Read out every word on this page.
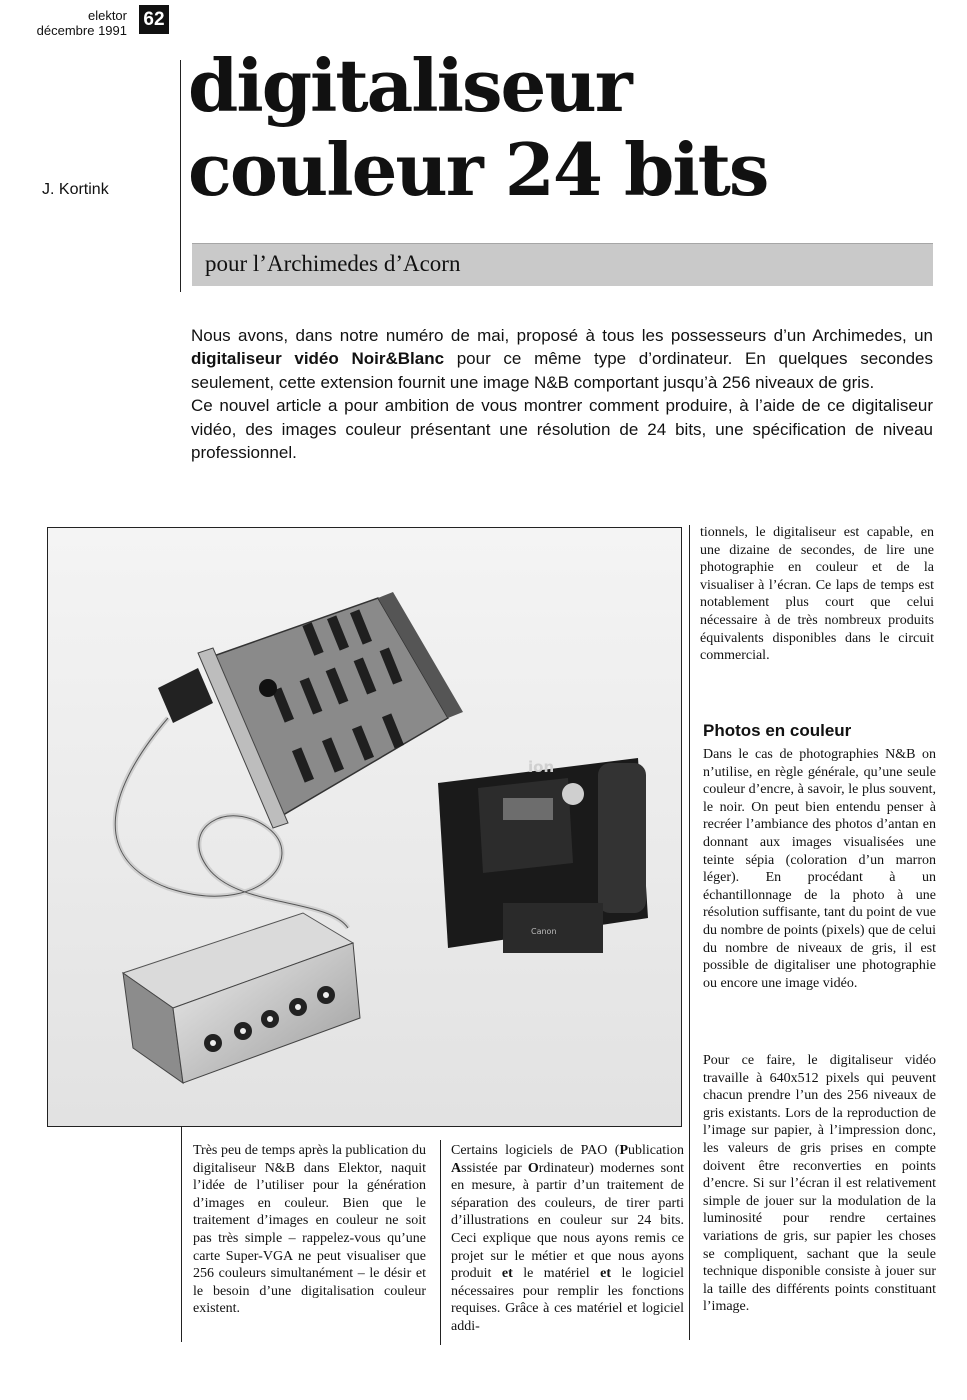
elektor
décembre 1991
62
J. Kortink
digitaliseur
couleur 24 bits
pour l’Archimedes d’Acorn

Nous avons, dans notre numéro de mai, proposé à tous les possesseurs d’un Archimedes, un digitaliseur vidéo Noir&Blanc pour ce même type d’ordinateur. En quelques secondes seulement, cette extension fournit une image N&B comportant jusqu’à 256 niveaux de gris.

Ce nouvel article a pour ambition de vous montrer comment produire, à l’aide de ce digitaliseur vidéo, des images couleur présentant une résolution de 24 bits, une spécification de niveau professionnel.

ion
Canon

Très peu de temps après la publication du digitaliseur N&B dans Elektor, naquit l’idée de l’utiliser pour la génération d’images en couleur. Bien que le traitement d’images en couleur ne soit pas très simple – rappelez-vous qu’une carte Super-VGA ne peut visualiser que 256 couleurs simultanément – le désir et le besoin d’une digitalisation couleur existent.

Certains logiciels de PAO (Publication Assistée par Ordinateur) modernes sont en mesure, à partir d’un traitement de séparation des couleurs, de tirer parti d’illustrations en couleur sur 24 bits. Ceci explique que nous ayons remis ce projet sur le métier et que nous ayons produit et le matériel et le logiciel nécessaires pour remplir les fonctions requises. Grâce à ces matériel et logiciel addi-

tionnels, le digitaliseur est capable, en une dizaine de secondes, de lire une photographie en couleur et de la visualiser à l’écran. Ce laps de temps est notablement plus court que celui nécessaire à de très nombreux produits équivalents disponibles dans le circuit commercial.

Photos en couleur

Dans le cas de photographies N&B on n’utilise, en règle générale, qu’une seule couleur d’encre, à savoir, le plus souvent, le noir. On peut bien entendu penser à recréer l’ambiance des photos d’antan en donnant aux images visualisées une teinte sépia (coloration d’un marron léger). En procédant à un échantillonnage de la photo à une résolution suffisante, tant du point de vue du nombre de points (pixels) que de celui du nombre de niveaux de gris, il est possible de digitaliser une photographie ou encore une image vidéo.

Pour ce faire, le digitaliseur vidéo travaille à 640x512 pixels qui peuvent chacun prendre l’un des 256 niveaux de gris existants. Lors de la reproduction de l’image sur papier, à l’impression donc, les valeurs de gris prises en compte doivent être reconverties en points d’encre. Si sur l’écran il est relativement simple de jouer sur la modulation de la luminosité pour rendre certaines variations de gris, sur papier les choses se compliquent, sachant que la seule technique disponible consiste à jouer sur la taille des différents points constituant l’image.
